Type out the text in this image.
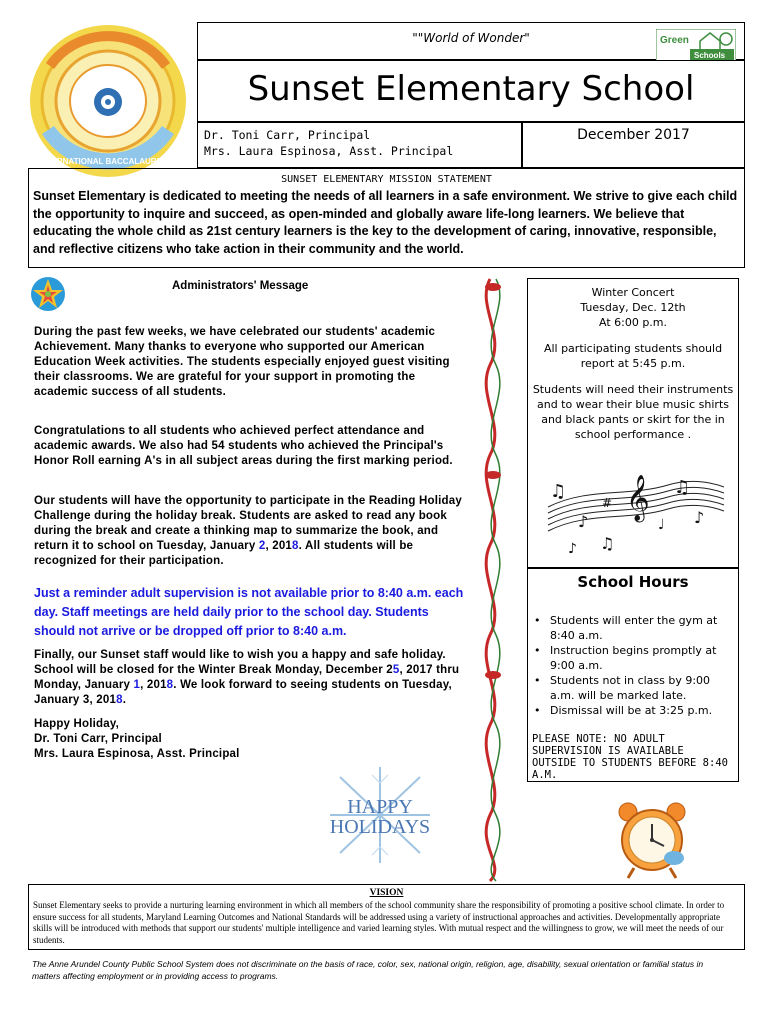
INTERNATIONAL BACCALAUREATE
""World of Wonder"	Green
Schools
Sunset Elementary School
Dr. Toni Carr, Principal
Mrs. Laura Espinosa, Asst. Principal
December 2017
SUNSET ELEMENTARY MISSION STATEMENT
Sunset Elementary is dedicated to meeting the needs of all learners in a safe environment. We strive to give each child the opportunity to inquire and succeed, as open-minded and globally aware life-long learners. We believe that educating the whole child as 21st century learners is the key to the development of caring, innovative, responsible, and reflective citizens who take action in their community and the world.
Administrators' Message
During the past few weeks, we have celebrated our students' academic Achievement. Many thanks to everyone who supported our American Education Week activities. The students especially enjoyed guest visiting their classrooms. We are grateful for your support in promoting the academic success of all students.
Congratulations to all students who achieved perfect attendance and academic awards. We also had 54 students who achieved the Principal's Honor Roll earning A's in all subject areas during the first marking period.
Our students will have the opportunity to participate in the Reading Holiday Challenge during the holiday break. Students are asked to read any book during the break and create a thinking map to summarize the book, and return it to school on Tuesday, January 2, 2018. All students will be recognized for their participation.
Just a reminder adult supervision is not available prior to 8:40 a.m. each day. Staff meetings are held daily prior to the school day. Students should not arrive or be dropped off prior to 8:40 a.m.
Finally, our Sunset staff would like to wish you a happy and safe holiday. School will be closed for the Winter Break Monday, December 25, 2017 thru Monday, January 1, 2018. We look forward to seeing students on Tuesday, January 3, 2018.
Happy Holiday,
Dr. Toni Carr, Principal
Mrs. Laura Espinosa, Asst. Principal
HAPPY
HOLIDAYS
Winter Concert
Tuesday, Dec. 12th
At 6:00 p.m.
All participating students should report at 5:45 p.m.
Students will need their instruments and to wear their blue music shirts and black pants or skirt for the in school performance .
𝄞
♫
♪
♫
♪
♫
♪
♩
#
School Hours
• Students will enter the gym at 8:40 a.m.
• Instruction begins promptly at 9:00 a.m.
• Students not in class by 9:00 a.m. will be marked late.
• Dismissal will be at 3:25 p.m.
PLEASE NOTE: NO ADULT SUPERVISION IS AVAILABLE OUTSIDE TO STUDENTS BEFORE 8:40 A.M.
VISION
Sunset Elementary seeks to provide a nurturing learning environment in which all members of the school community share the responsibility of promoting a positive school climate. In order to ensure success for all students, Maryland Learning Outcomes and National Standards will be addressed using a variety of instructional approaches and activities. Developmentally appropriate skills will be introduced with methods that support our students' multiple intelligence and varied learning styles. With mutual respect and the willingness to grow, we will meet the needs of our students.
The Anne Arundel County Public School System does not discriminate on the basis of race, color, sex, national origin, religion, age, disability, sexual orientation or familial status in matters affecting employment or in providing access to programs.
